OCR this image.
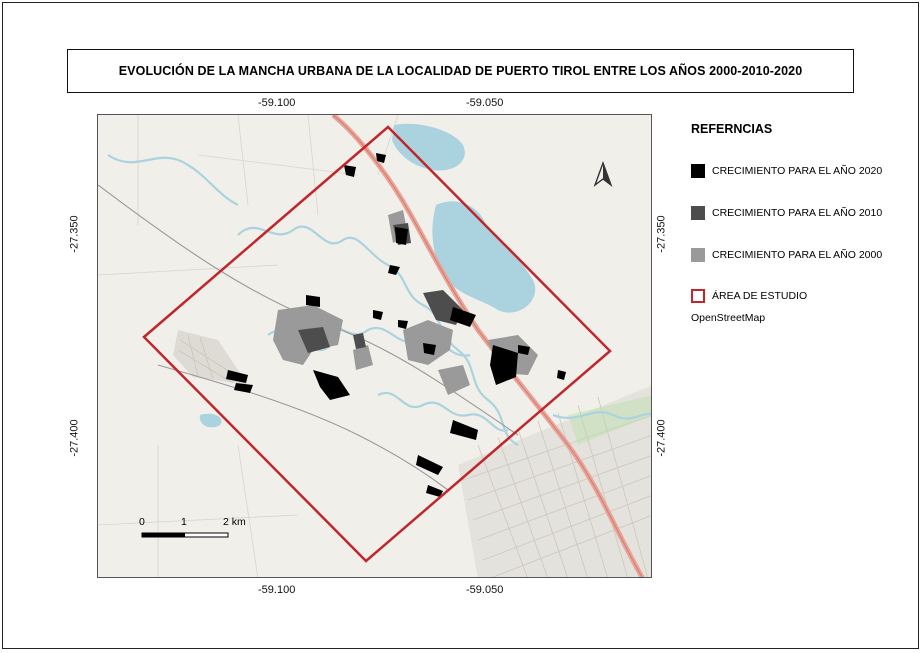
EVOLUCIÓN DE LA MANCHA URBANA DE LA LOCALIDAD DE PUERTO TIROL ENTRE LOS AÑOS 2000-2010-2020
-59.100	-59.050
-59.100	-59.050
-27.350
-27.400
-27.350
-27.400
0	1	2 km
REFERNCIAS
CRECIMIENTO PARA EL AÑO 2020
CRECIMIENTO PARA EL AÑO 2010
CRECIMIENTO PARA EL AÑO 2000
ÁREA DE ESTUDIO
OpenStreetMap
